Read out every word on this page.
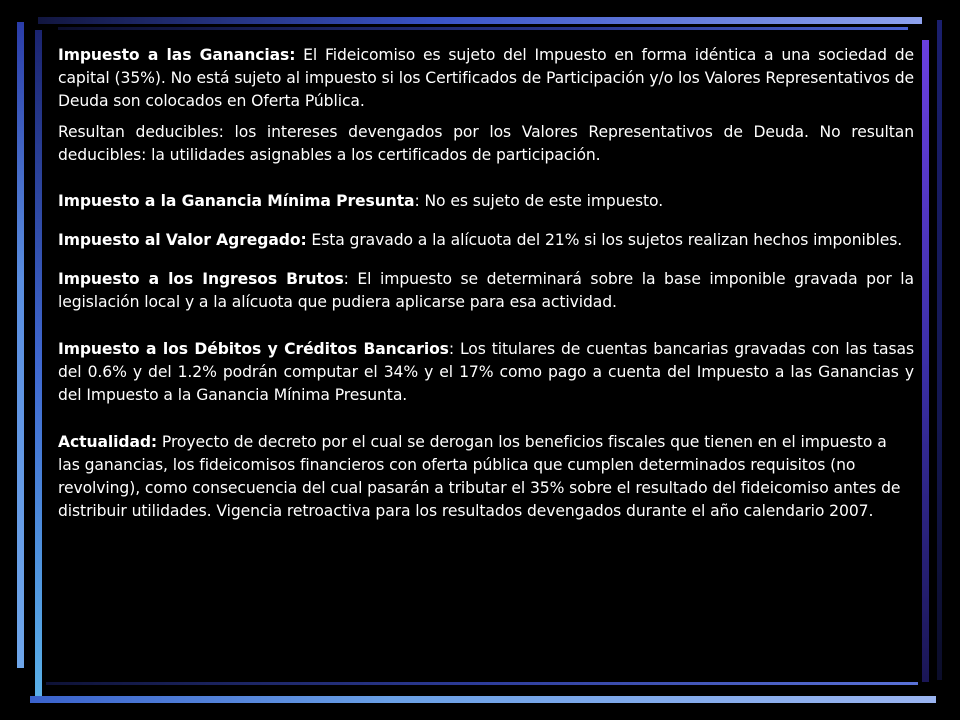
Impuesto a las Ganancias: El Fideicomiso es sujeto del Impuesto en forma idéntica a una sociedad de capital (35%). No está sujeto al impuesto si los Certificados de Participación y/o los Valores Representativos de Deuda son colocados en Oferta Pública.

Resultan deducibles: los intereses devengados por los Valores Representativos de Deuda. No resultan deducibles: la utilidades asignables a los certificados de participación.

Impuesto a la Ganancia Mínima Presunta: No es sujeto de este impuesto.

Impuesto al Valor Agregado: Esta gravado a la alícuota del 21% si los sujetos realizan hechos imponibles.

Impuesto a los Ingresos Brutos: El impuesto se determinará sobre la base imponible gravada por la legislación local y a la alícuota que pudiera aplicarse para esa actividad.

Impuesto a los Débitos y Créditos Bancarios: Los titulares de cuentas bancarias gravadas con las tasas del 0.6% y del 1.2% podrán computar el 34% y el 17% como pago a cuenta del Impuesto a las Ganancias y del Impuesto a la Ganancia Mínima Presunta.

Actualidad: Proyecto de decreto por el cual se derogan los beneficios fiscales que tienen en el impuesto a las ganancias, los fideicomisos financieros con oferta pública que cumplen determinados requisitos (no revolving), como consecuencia del cual pasarán a tributar el 35% sobre el resultado del fideicomiso antes de distribuir utilidades. Vigencia retroactiva para los resultados devengados durante el año calendario 2007.
